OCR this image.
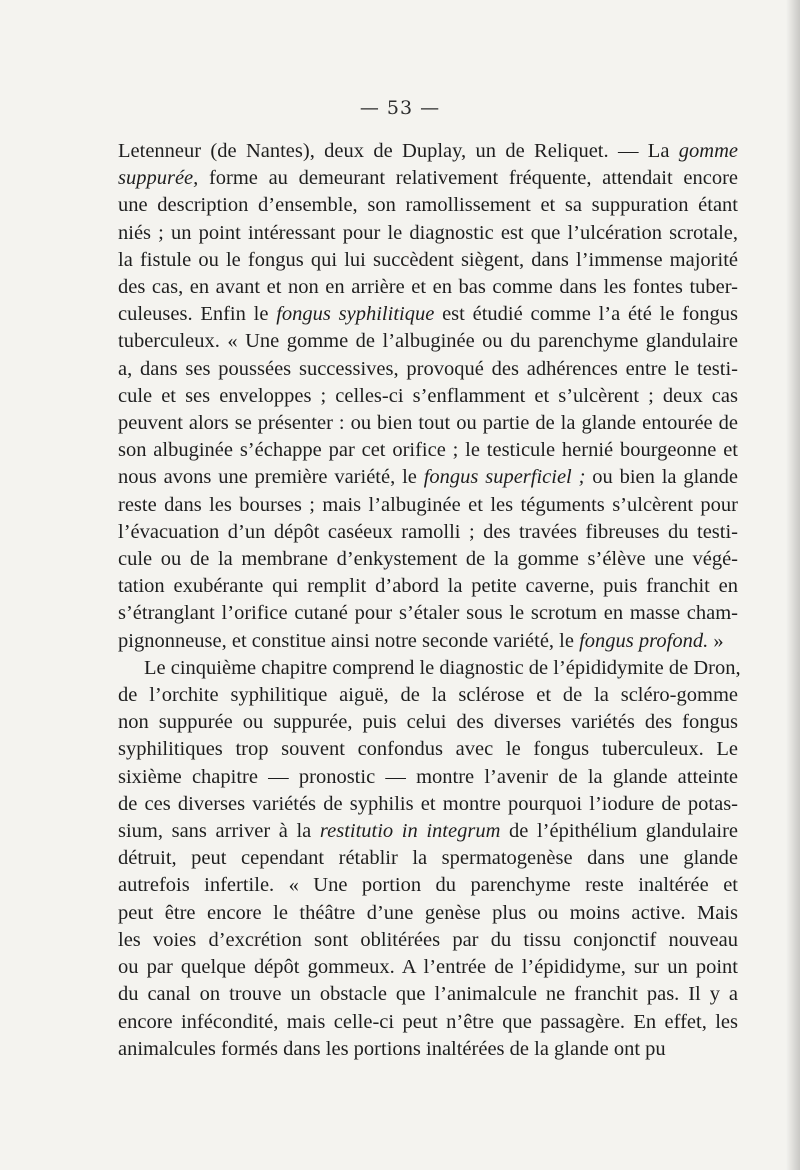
— 53 —
Letenneur (de Nantes), deux de Duplay, un de Reliquet. — La gomme
suppurée, forme au demeurant relativement fréquente, attendait encore
une description d’ensemble, son ramollissement et sa suppuration étant
niés ; un point intéressant pour le diagnostic est que l’ulcération scrotale,
la fistule ou le fongus qui lui succèdent siègent, dans l’immense majorité
des cas, en avant et non en arrière et en bas comme dans les fontes tuber-
culeuses. Enfin le fongus syphilitique est étudié comme l’a été le fongus
tuberculeux. « Une gomme de l’albuginée ou du parenchyme glandulaire
a, dans ses poussées successives, provoqué des adhérences entre le testi-
cule et ses enveloppes ; celles-ci s’enflamment et s’ulcèrent ; deux cas
peuvent alors se présenter : ou bien tout ou partie de la glande entourée de
son albuginée s’échappe par cet orifice ; le testicule hernié bourgeonne et
nous avons une première variété, le fongus superficiel ; ou bien la glande
reste dans les bourses ; mais l’albuginée et les téguments s’ulcèrent pour
l’évacuation d’un dépôt caséeux ramolli ; des travées fibreuses du testi-
cule ou de la membrane d’enkystement de la gomme s’élève une végé-
tation exubérante qui remplit d’abord la petite caverne, puis franchit en
s’étranglant l’orifice cutané pour s’étaler sous le scrotum en masse cham-
pignonneuse, et constitue ainsi notre seconde variété, le fongus profond. »
Le cinquième chapitre comprend le diagnostic de l’épididymite de Dron,
de l’orchite syphilitique aiguë, de la sclérose et de la scléro-gomme
non suppurée ou suppurée, puis celui des diverses variétés des fongus
syphilitiques trop souvent confondus avec le fongus tuberculeux. Le
sixième chapitre — pronostic — montre l’avenir de la glande atteinte
de ces diverses variétés de syphilis et montre pourquoi l’iodure de potas-
sium, sans arriver à la restitutio in integrum de l’épithélium glandulaire
détruit, peut cependant rétablir la spermatogenèse dans une glande
autrefois infertile. « Une portion du parenchyme reste inaltérée et
peut être encore le théâtre d’une genèse plus ou moins active. Mais
les voies d’excrétion sont oblitérées par du tissu conjonctif nouveau
ou par quelque dépôt gommeux. A l’entrée de l’épididyme, sur un point
du canal on trouve un obstacle que l’animalcule ne franchit pas. Il y a
encore infécondité, mais celle-ci peut n’être que passagère. En effet, les
animalcules formés dans les portions inaltérées de la glande ont pu
